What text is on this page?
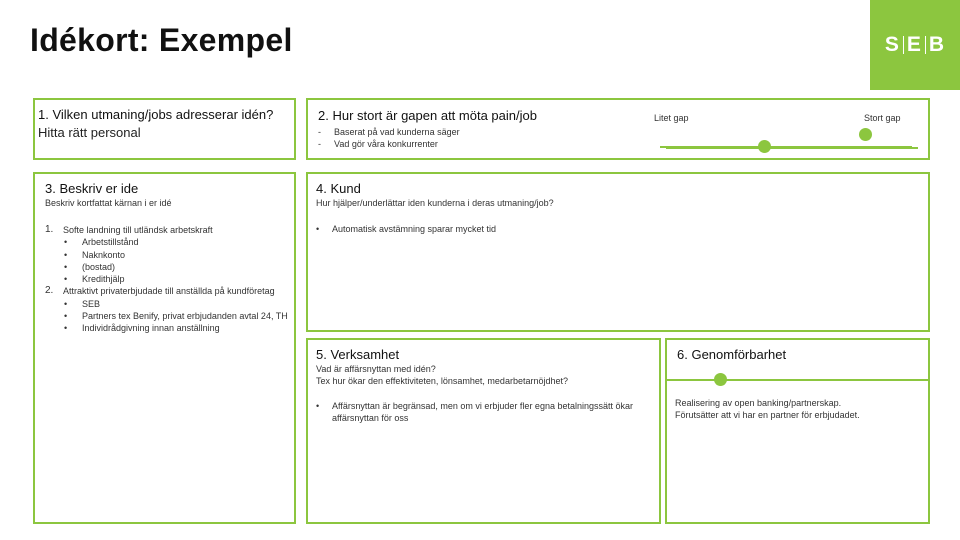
Idékort: Exempel	S E B
1. Vilken utmaning/jobs adresserar idén?
Hitta rätt personal
2. Hur stort är gapen att möta pain/job
- Baserat på vad kunderna säger
- Vad gör våra konkurrenter
Litet gap	Stort gap
3. Beskriv er ide
Beskriv kortfattat kärnan i er idé
1. Softe landning till utländsk arbetskraft
• Arbetstillstånd
• Naknkonto
• (bostad)
• Kredithjälp
2. Attraktivt privaterbjudade till anställda på kundföretag
• SEB
• Partners tex Benify, privat erbjudanden avtal 24, TH
• Individrådgivning innan anställning
4. Kund
Hur hjälper/underlättar iden kunderna i deras utmaning/job?
• Automatisk avstämning sparar mycket tid
5. Verksamhet
Vad är affärsnyttan med idén?
Tex hur ökar den effektiviteten, lönsamhet, medarbetarnöjdhet?
• Affärsnyttan är begränsad, men om vi erbjuder fler egna betalningssätt ökar affärsnyttan för oss
6. Genomförbarhet
Realisering av open banking/partnerskap. Förutsätter att vi har en partner för erbjudadet.
